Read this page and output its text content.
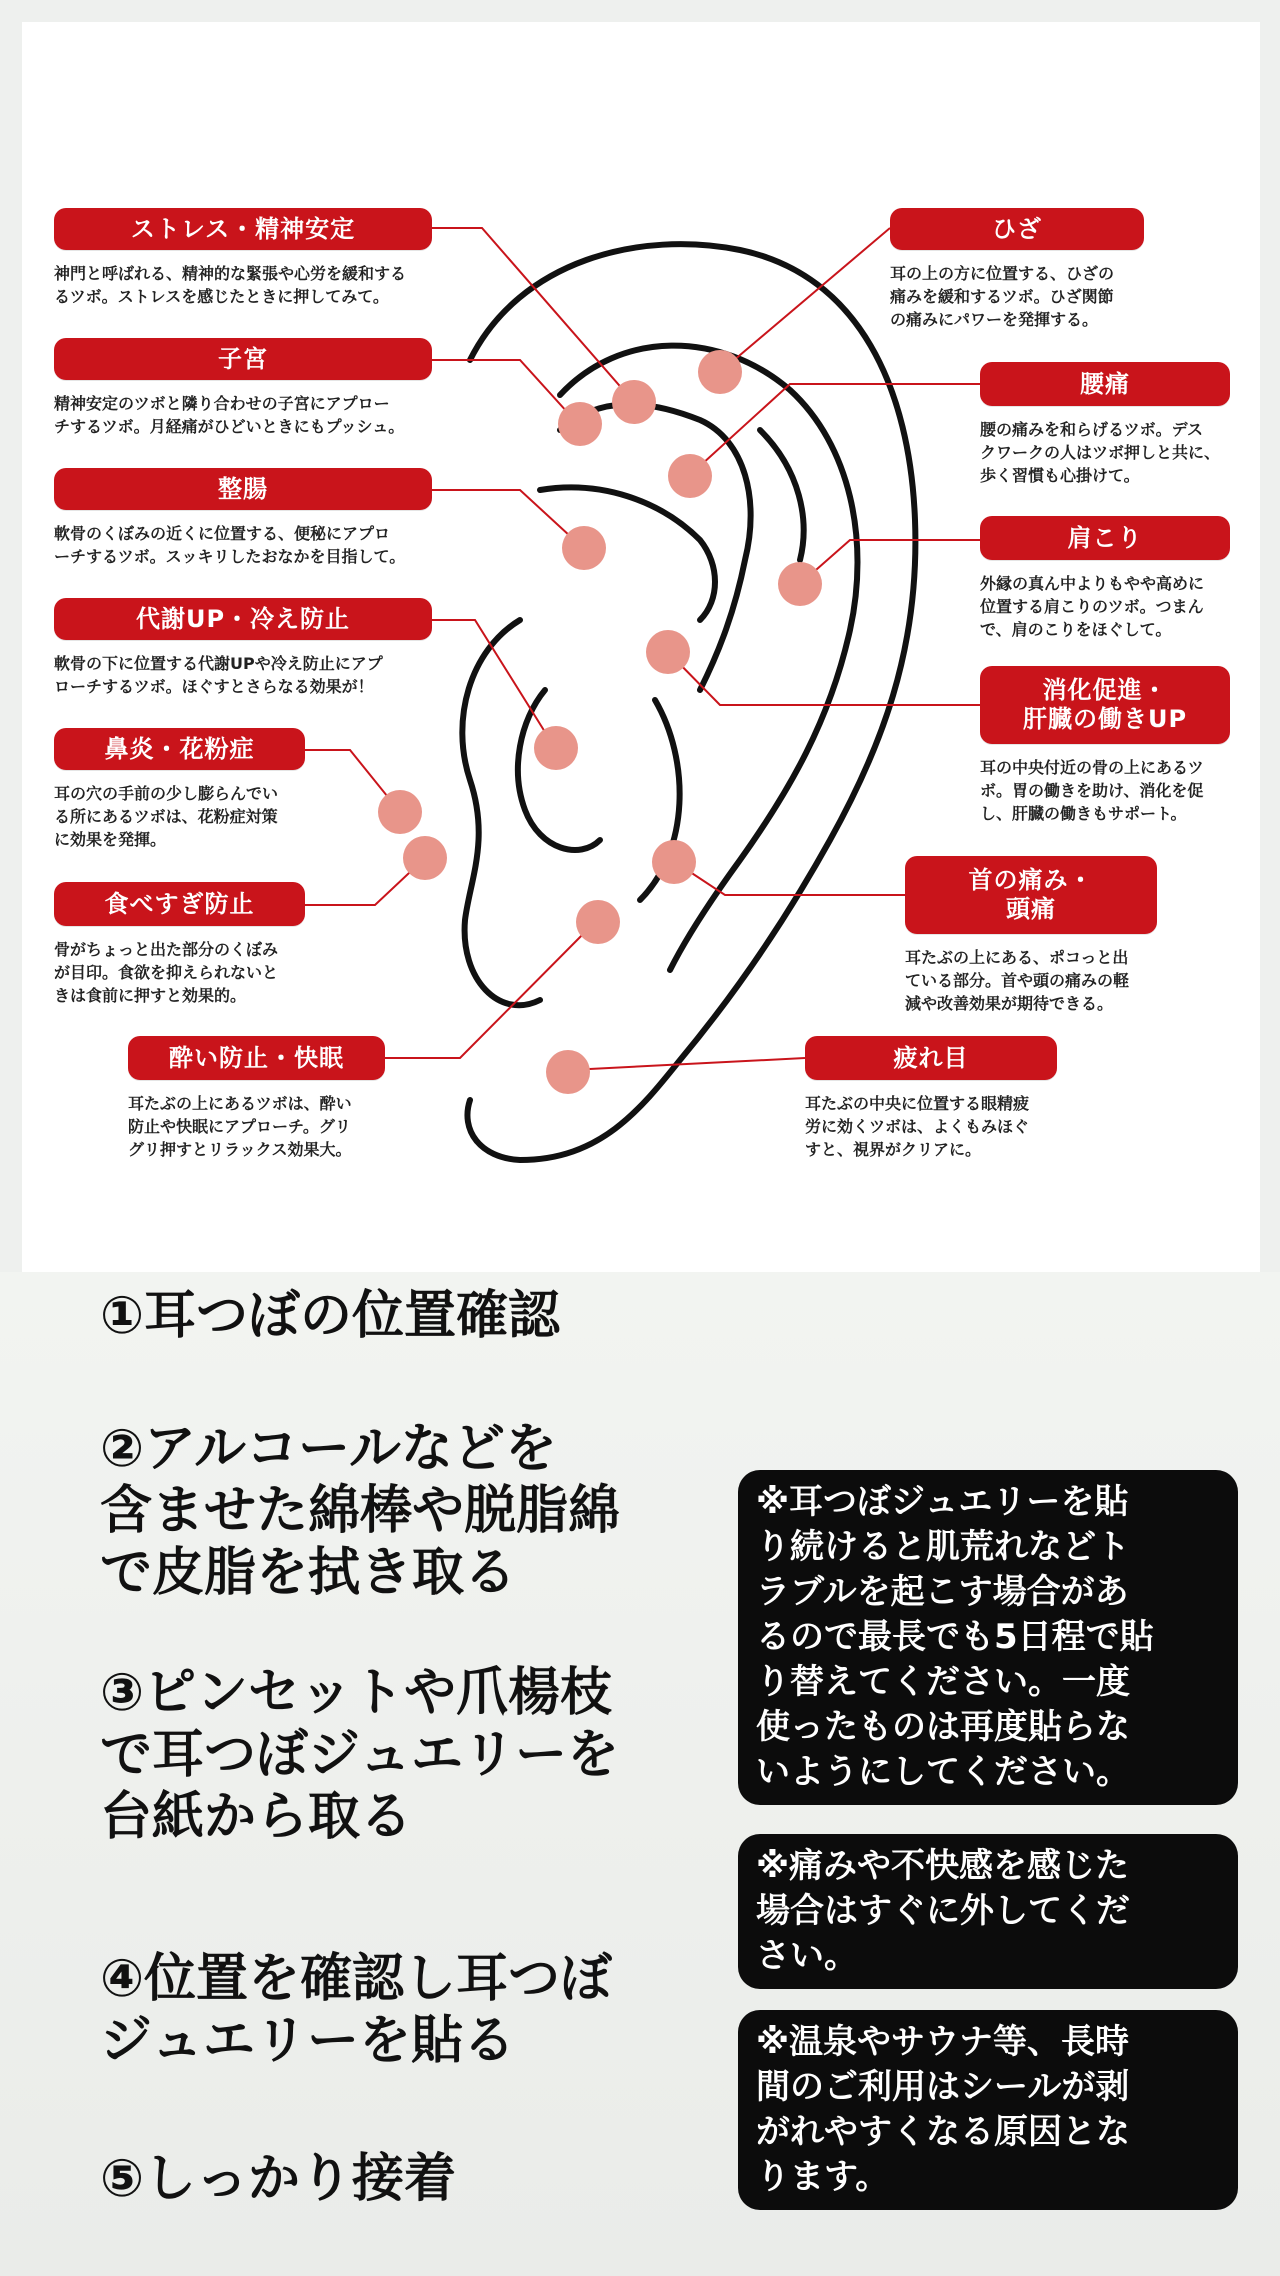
ストレス・精神安定
神門と呼ばれる、精神的な緊張や心労を緩和する
るツボ。ストレスを感じたときに押してみて。
子宮
精神安定のツボと隣り合わせの子宮にアプロー
チするツボ。月経痛がひどいときにもプッシュ。
整腸
軟骨のくぼみの近くに位置する、便秘にアプロ
ーチするツボ。スッキリしたおなかを目指して。
代謝UP・冷え防止
軟骨の下に位置する代謝UPや冷え防止にアプ
ローチするツボ。ほぐすとさらなる効果が！
鼻炎・花粉症
耳の穴の手前の少し膨らんでい
る所にあるツボは、花粉症対策
に効果を発揮。
食べすぎ防止
骨がちょっと出た部分のくぼみ
が目印。食欲を抑えられないと
きは食前に押すと効果的。
酔い防止・快眠
耳たぶの上にあるツボは、酔い
防止や快眠にアプローチ。グリ
グリ押すとリラックス効果大。
ひざ
耳の上の方に位置する、ひざの
痛みを緩和するツボ。ひざ関節
の痛みにパワーを発揮する。
腰痛
腰の痛みを和らげるツボ。デス
クワークの人はツボ押しと共に、
歩く習慣も心掛けて。
肩こり
外縁の真ん中よりもやや高めに
位置する肩こりのツボ。つまん
で、肩のこりをほぐして。
消化促進・
肝臓の働きUP
耳の中央付近の骨の上にあるツ
ボ。胃の働きを助け、消化を促
し、肝臓の働きもサポート。
首の痛み・
頭痛
耳たぶの上にある、ポコっと出
ている部分。首や頭の痛みの軽
減や改善効果が期待できる。
疲れ目
耳たぶの中央に位置する眼精疲
労に効くツボは、よくもみほぐ
すと、視界がクリアに。
①耳つぼの位置確認
②アルコールなどを
含ませた綿棒や脱脂綿
で皮脂を拭き取る
③ピンセットや爪楊枝
で耳つぼジュエリーを
台紙から取る
④位置を確認し耳つぼ
ジュエリーを貼る
⑤しっかり接着
※耳つぼジュエリーを貼
り続けると肌荒れなどト
ラブルを起こす場合があ
るので最長でも5日程で貼
り替えてください。一度
使ったものは再度貼らな
いようにしてください。
※痛みや不快感を感じた
場合はすぐに外してくだ
さい。
※温泉やサウナ等、長時
間のご利用はシールが剥
がれやすくなる原因とな
ります。
